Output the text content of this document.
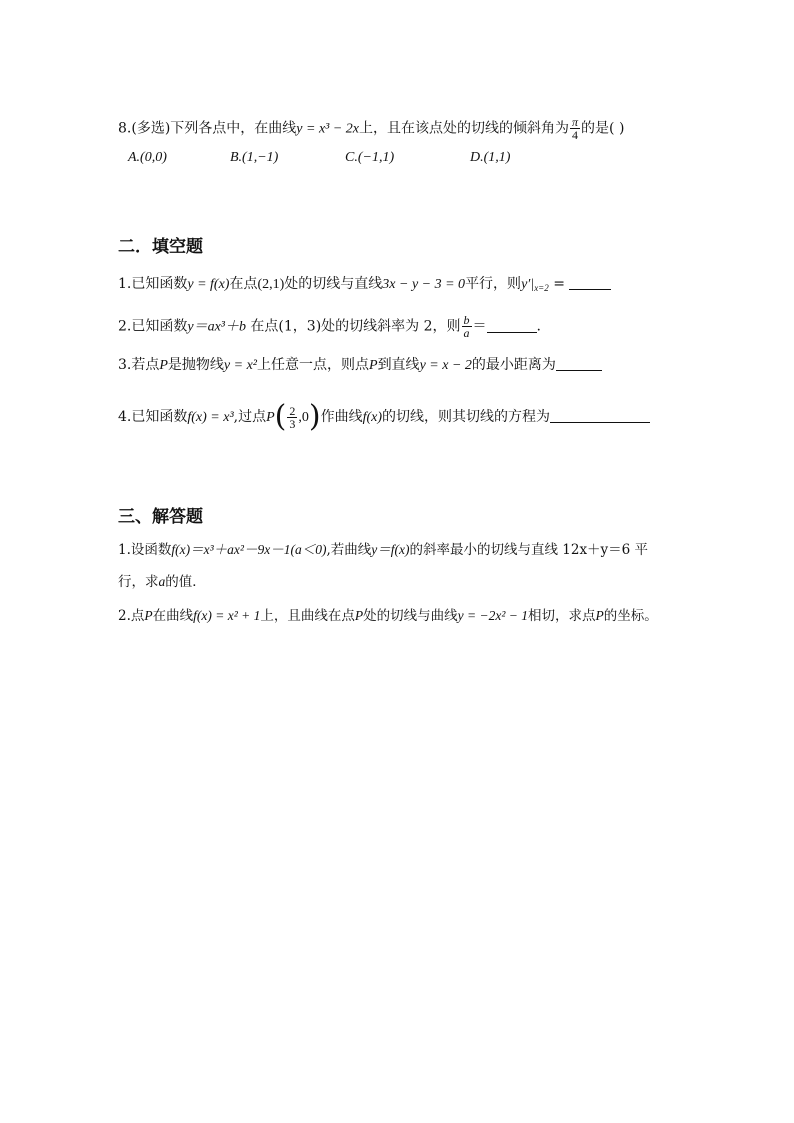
8.(多选)下列各点中，在曲线y = x³ − 2x上，且在该点处的切线的倾斜角为 $\frac{\pi}{4}$ 的是( )
A.(0,0)	B.(1,−1)	C.(−1,1)	D.(1,1)
二．填空题
1.已知函数y = f(x)在点(2,1)处的切线与直线3x − y − 3 = 0平行，则$y'|_{x=2}$ =
2.已知函数y＝ax³＋b 在点(1，3)处的切线斜率为 2，则 $\frac{b}{a}$ ＝	.
3.若点P是抛物线y = x²上任意一点，则点P到直线y = x − 2的最小距离为
4.已知函数f(x) = x³,过点$P( \frac{2}{3} ,0)$作曲线f(x)的切线，则其切线的方程为
三、解答题
1.设函数f(x)＝x³＋ax²－9x－1(a＜0),若曲线y＝f(x)的斜率最小的切线与直线 12x＋y＝6 平
行，求a的值．
2.点P在曲线f(x) = x² + 1上，且曲线在点P处的切线与曲线y = −2x² − 1相切，求点P的坐标。
